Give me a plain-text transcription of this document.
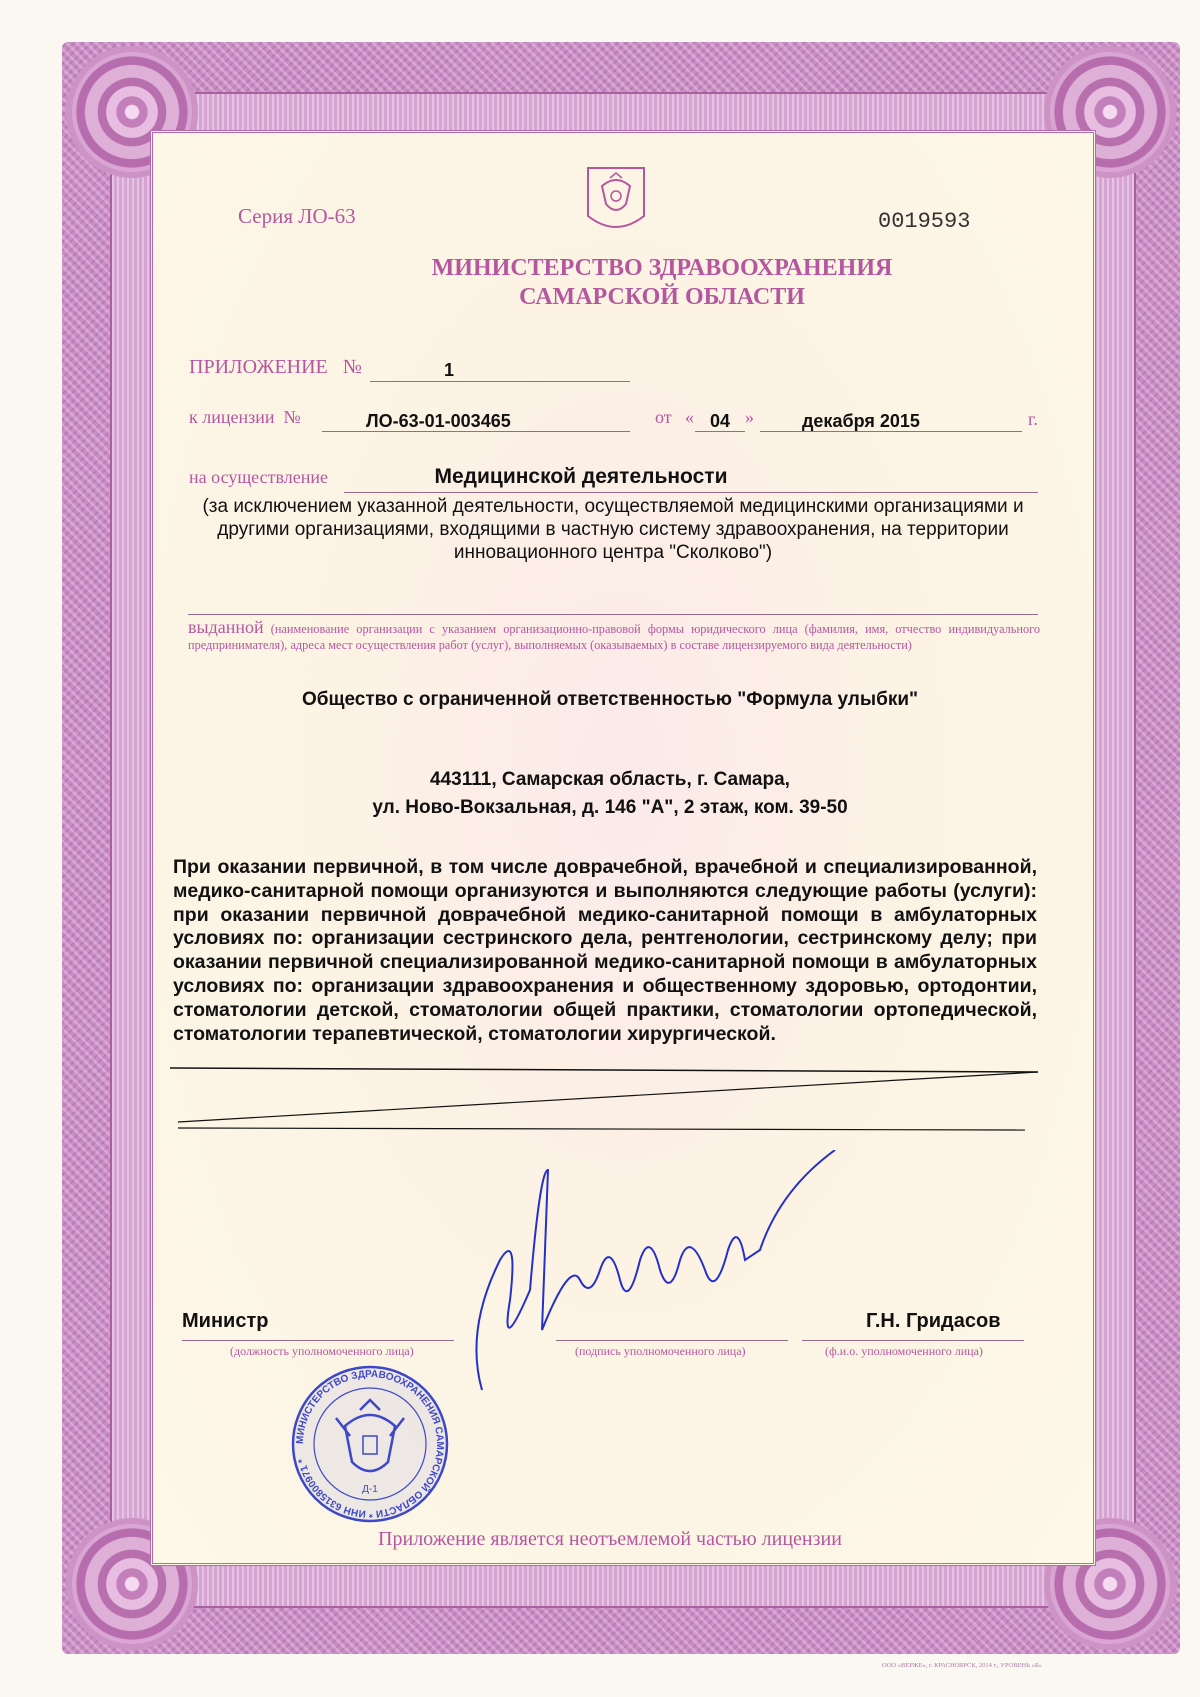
Серия ЛО-63	0019593
МИНИСТЕРСТВО ЗДРАВООХРАНЕНИЯ
САМАРСКОЙ ОБЛАСТИ
ПРИЛОЖЕНИЕ №	1
к лицензии №	ЛО-63-01-003465	от « 04 »	декабря 2015	г.
на осуществление	Медицинской деятельности
(за исключением указанной деятельности, осуществляемой медицинскими организациями и другими организациями, входящими в частную систему здравоохранения, на территории инновационного центра "Сколково")
выданной (наименование организации с указанием организационно-правовой формы юридического лица (фамилия, имя, отчество индивидуального предпринимателя), адреса мест осуществления работ (услуг), выполняемых (оказываемых) в составе лицензируемого вида деятельности)
Общество с ограниченной ответственностью "Формула улыбки"
443111, Самарская область, г. Самара,
ул. Ново-Вокзальная, д. 146 "А", 2 этаж, ком. 39-50
При оказании первичной, в том числе доврачебной, врачебной и специализированной, медико-санитарной помощи организуются и выполняются следующие работы (услуги): при оказании первичной доврачебной медико-санитарной помощи в амбулаторных условиях по: организации сестринского дела, рентгенологии, сестринскому делу; при оказании первичной специализированной медико-санитарной помощи в амбулаторных условиях по: организации здравоохранения и общественному здоровью, ортодонтии, стоматологии детской, стоматологии общей практики, стоматологии ортопедической, стоматологии терапевтической, стоматологии хирургической.
Министр	Г.Н. Гридасов
(должность уполномоченного лица)	(подпись уполномоченного лица)	(ф.и.о. уполномоченного лица)
МИНИСТЕРСТВО ЗДРАВООХРАНЕНИЯ САМАРСКОЙ ОБЛАСТИ * ИНН 6315800971 *
Д-1
Приложение является неотъемлемой частью лицензии
ООО «ВЕРЖЕ», г. КРАСНОЯРСК, 2014 г., УРОВЕНЬ «Б»
